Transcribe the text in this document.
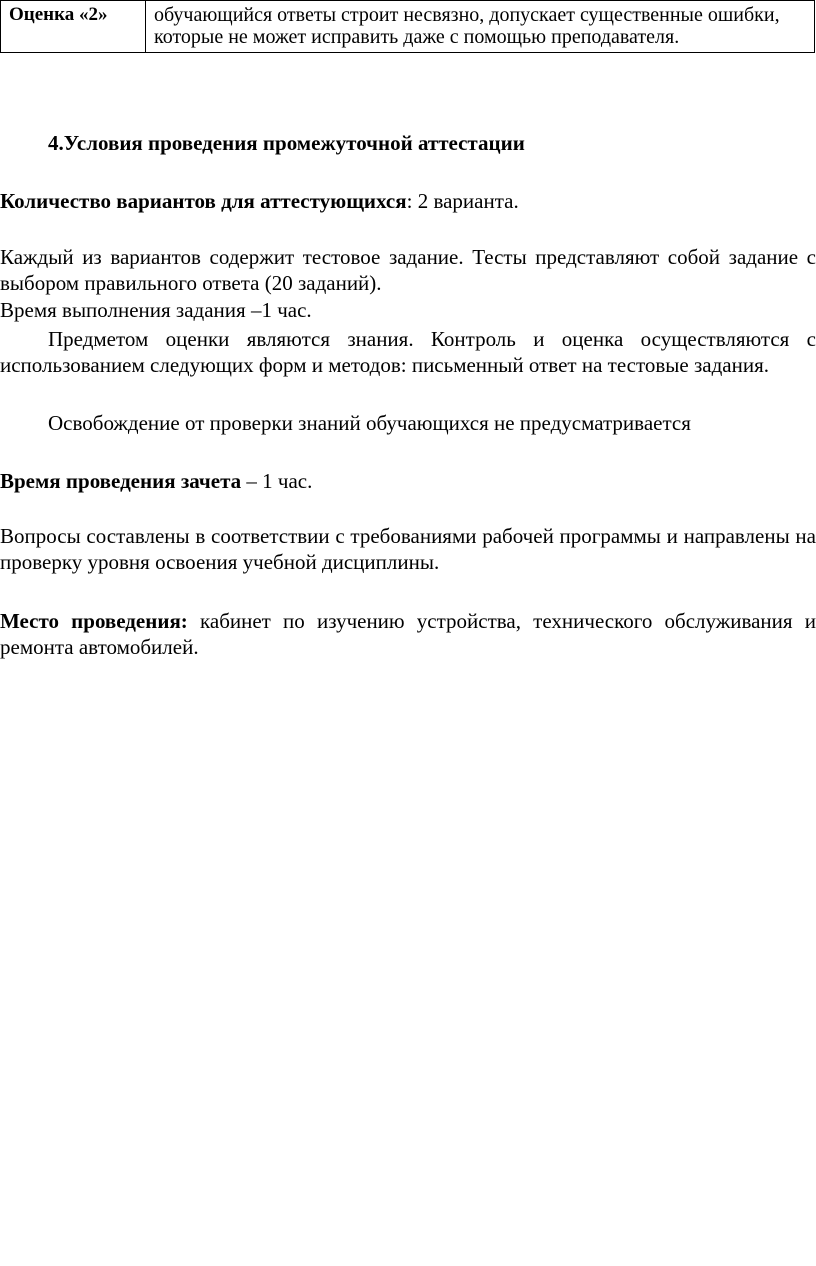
Оценка «2»	обучающийся ответы строит несвязно, допускает существенные ошибки, которые не может исправить даже с помощью преподавателя.
4.Условия проведения промежуточной аттестации
Количество вариантов для аттестующихся: 2 варианта.
Каждый из вариантов содержит тестовое задание. Тесты представляют собой задание с выбором правильного ответа (20 заданий).
Время выполнения задания –1 час.
Предметом оценки являются знания. Контроль и оценка осуществляются с использованием следующих форм и методов: письменный ответ на тестовые задания.
Освобождение от проверки знаний обучающихся не предусматривается
Время проведения зачета – 1 час.
Вопросы составлены в соответствии с требованиями рабочей программы и направлены на проверку уровня освоения учебной дисциплины.
Место проведения: кабинет по изучению устройства, технического обслуживания и ремонта автомобилей.
